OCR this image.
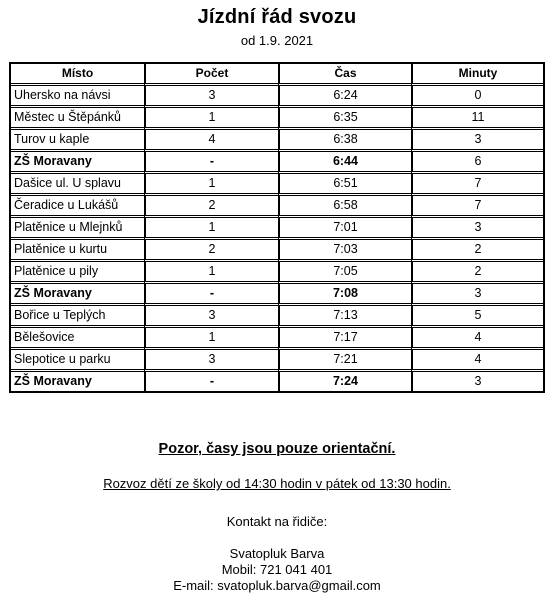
Jízdní řád svozu
od 1.9. 2021
Místo	Počet	Čas	Minuty
Uhersko na návsi	3	6:24	0
Městec u Štěpánků	1	6:35	11
Turov u kaple	4	6:38	3
ZŠ Moravany	-	6:44	6
Dašice ul. U splavu	1	6:51	7
Čeradice u Lukášů	2	6:58	7
Platěnice u Mlejnků	1	7:01	3
Platěnice u kurtu	2	7:03	2
Platěnice u pily	1	7:05	2
ZŠ Moravany	-	7:08	3
Bořice u Teplých	3	7:13	5
Bělešovice	1	7:17	4
Slepotice u parku	3	7:21	4
ZŠ Moravany	-	7:24	3
Pozor, časy jsou pouze orientační.
Rozvoz dětí ze školy od 14:30 hodin v pátek od 13:30 hodin.
Kontakt na řidiče:
Svatopluk Barva
Mobil: 721 041 401
E-mail: svatopluk.barva@gmail.com
